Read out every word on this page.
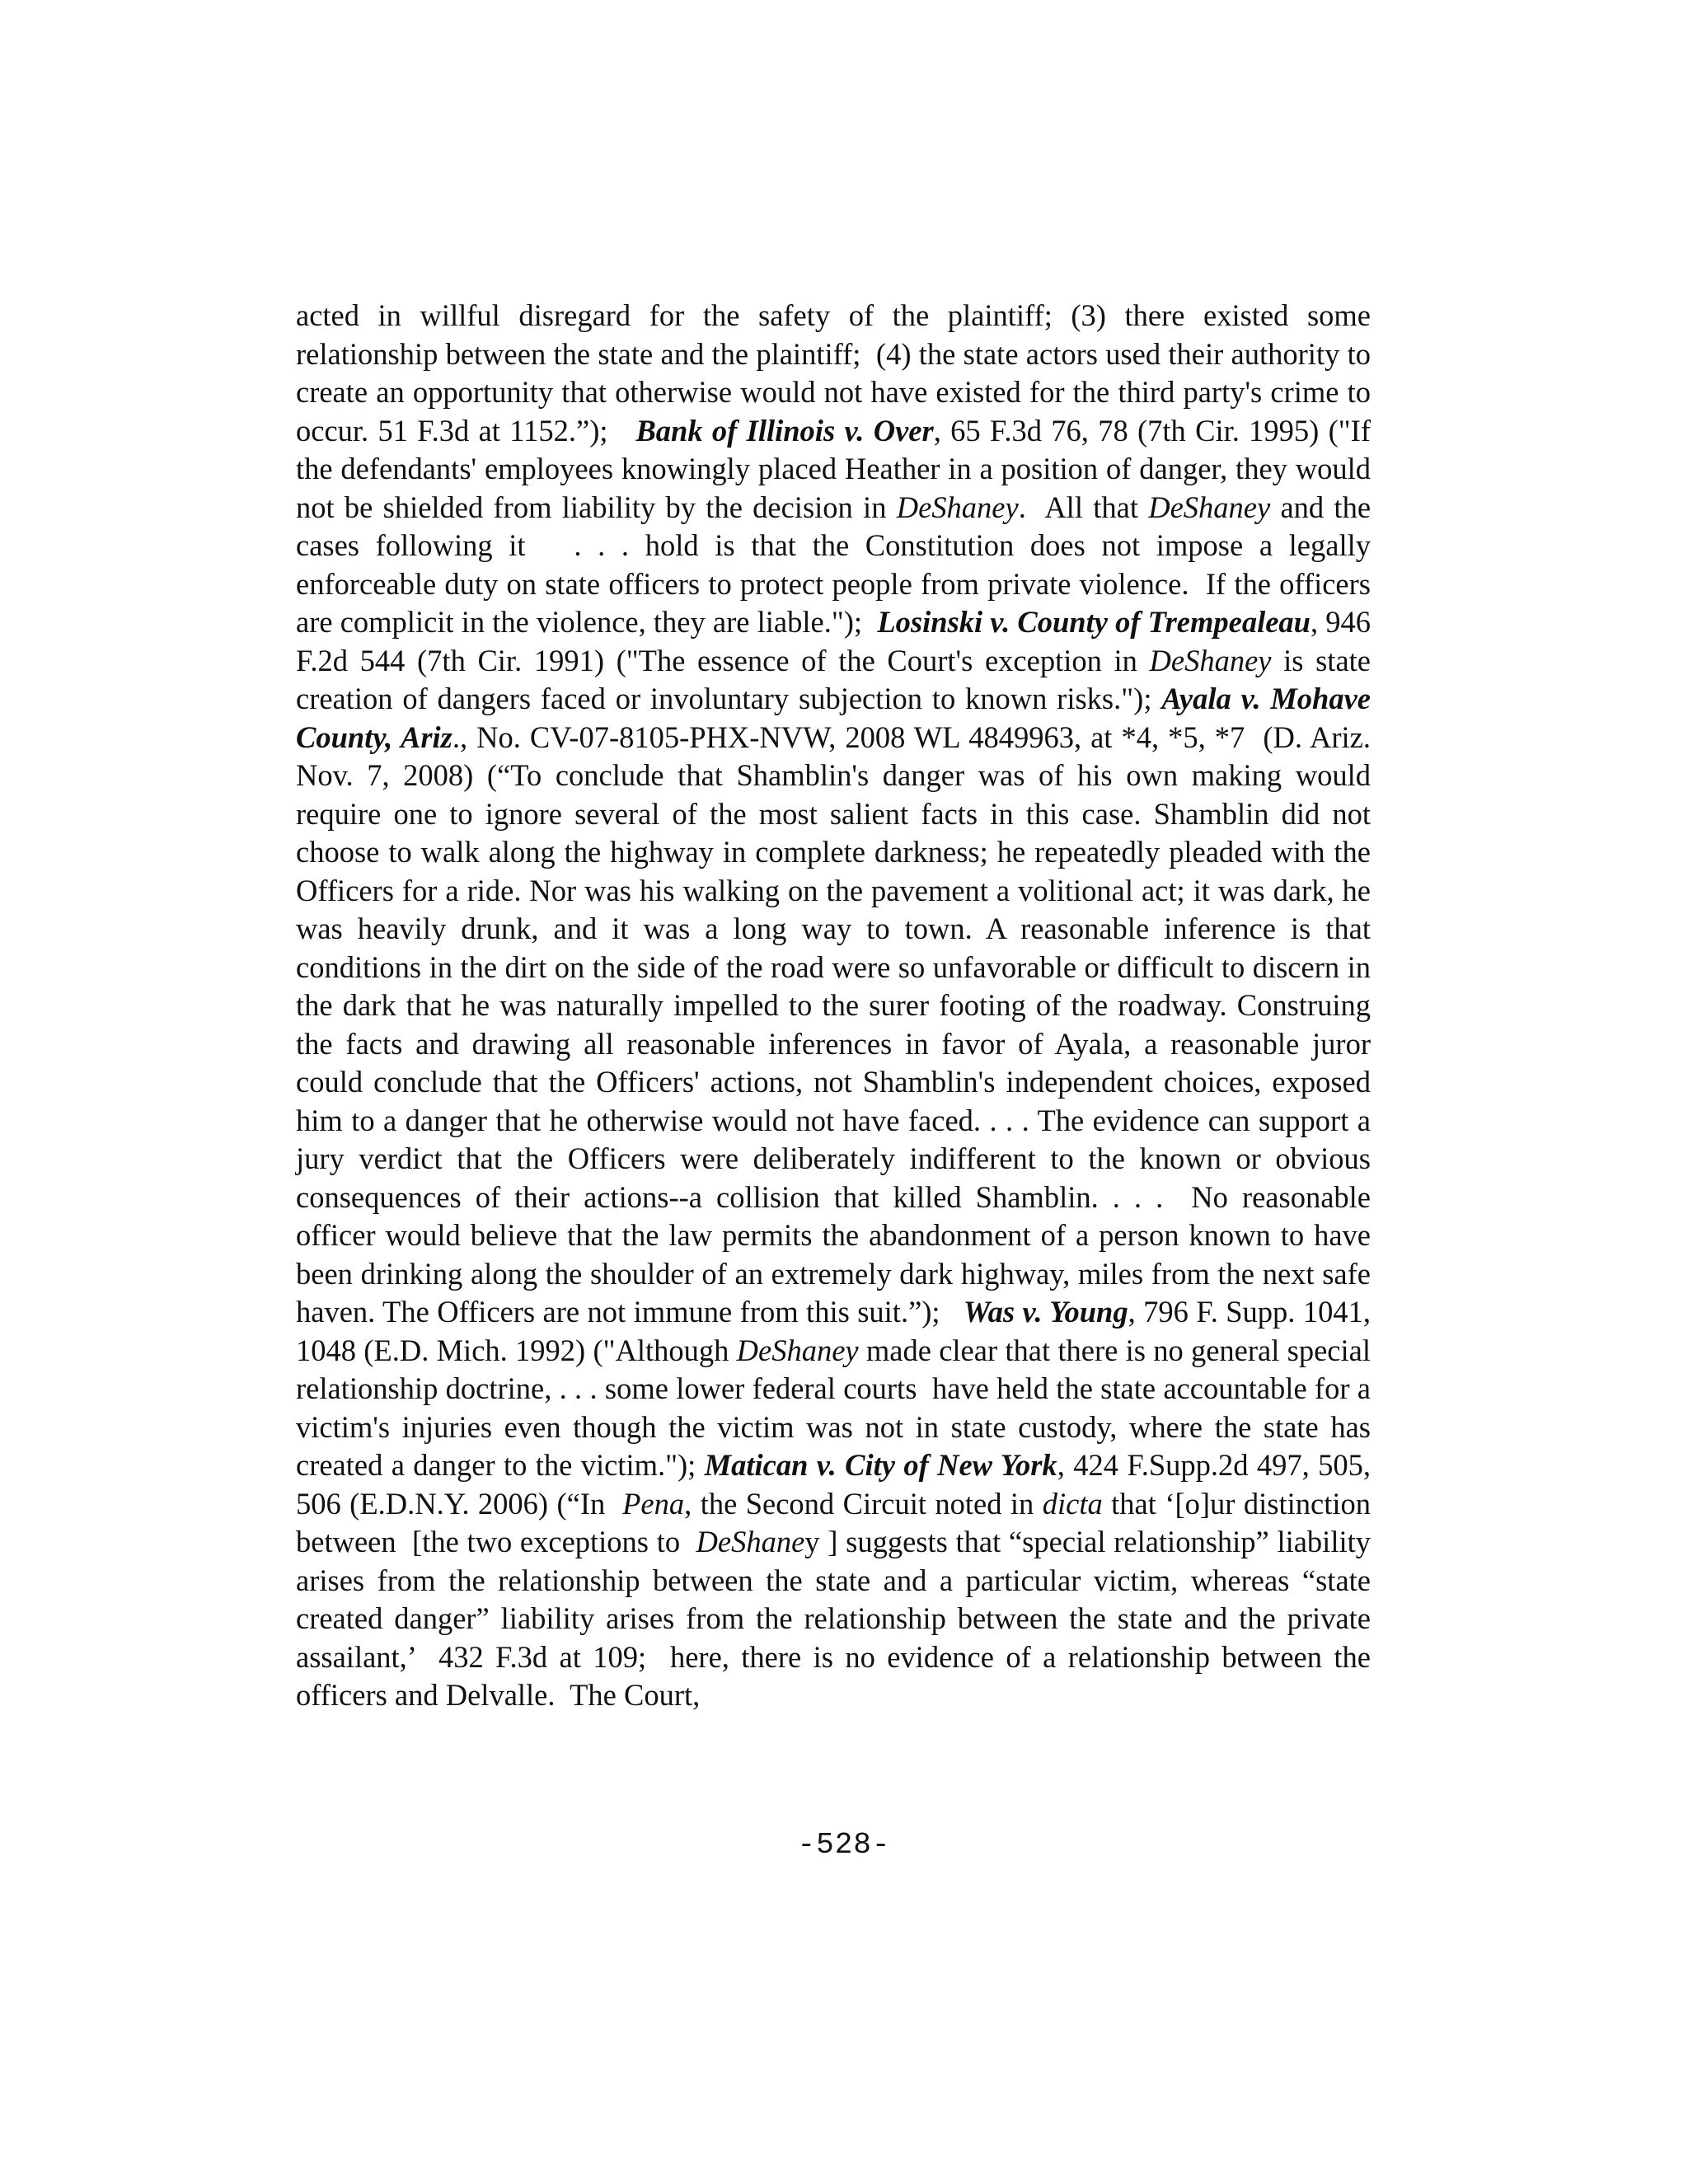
acted in willful disregard for the safety of the plaintiff; (3) there existed some relationship between the state and the plaintiff;  (4) the state actors used their authority to create an opportunity that otherwise would not have existed for the third party's crime to occur. 51 F.3d at 1152.”);   Bank of Illinois v. Over, 65 F.3d 76, 78 (7th Cir. 1995) ("If the defendants' employees knowingly placed Heather in a position of danger, they would not be shielded from liability by the decision in DeShaney.  All that DeShaney and the cases following it   . . . hold is that the Constitution does not impose a legally enforceable duty on state officers to protect people from private violence.  If the officers are complicit in the violence, they are liable.");  Losinski v. County of Trempealeau, 946 F.2d 544 (7th Cir. 1991) ("The essence of the Court's exception in DeShaney is state creation of dangers faced or involuntary subjection to known risks."); Ayala v. Mohave County, Ariz., No. CV-07-8105-PHX-NVW, 2008 WL 4849963, at *4, *5, *7  (D. Ariz. Nov. 7, 2008) (“To conclude that Shamblin's danger was of his own making would require one to ignore several of the most salient facts in this case. Shamblin did not choose to walk along the highway in complete darkness; he repeatedly pleaded with the Officers for a ride. Nor was his walking on the pavement a volitional act; it was dark, he was heavily drunk, and it was a long way to town. A reasonable inference is that conditions in the dirt on the side of the road were so unfavorable or difficult to discern in the dark that he was naturally impelled to the surer footing of the roadway. Construing the facts and drawing all reasonable inferences in favor of Ayala, a reasonable juror could conclude that the Officers' actions, not Shamblin's independent choices, exposed him to a danger that he otherwise would not have faced. . . . The evidence can support a jury verdict that the Officers were deliberately indifferent to the known or obvious consequences of their actions--a collision that killed Shamblin. . . .  No reasonable officer would believe that the law permits the abandonment of a person known to have been drinking along the shoulder of an extremely dark highway, miles from the next safe haven. The Officers are not immune from this suit.”);   Was v. Young, 796 F. Supp. 1041, 1048 (E.D. Mich. 1992) ("Although DeShaney made clear that there is no general special relationship doctrine, . . . some lower federal courts  have held the state accountable for a victim's injuries even though the victim was not in state custody, where the state has created a danger to the victim."); Matican v. City of New York, 424 F.Supp.2d 497, 505, 506 (E.D.N.Y. 2006) (“In  Pena, the Second Circuit noted in dicta that ‘[o]ur distinction between  [the two exceptions to  DeShaney ] suggests that “special relationship” liability arises from the relationship between the state and a particular victim, whereas “state created danger” liability arises from the relationship between the state and the private assailant,’  432 F.3d at 109;  here, there is no evidence of a relationship between the officers and Delvalle.  The Court,

-528-
